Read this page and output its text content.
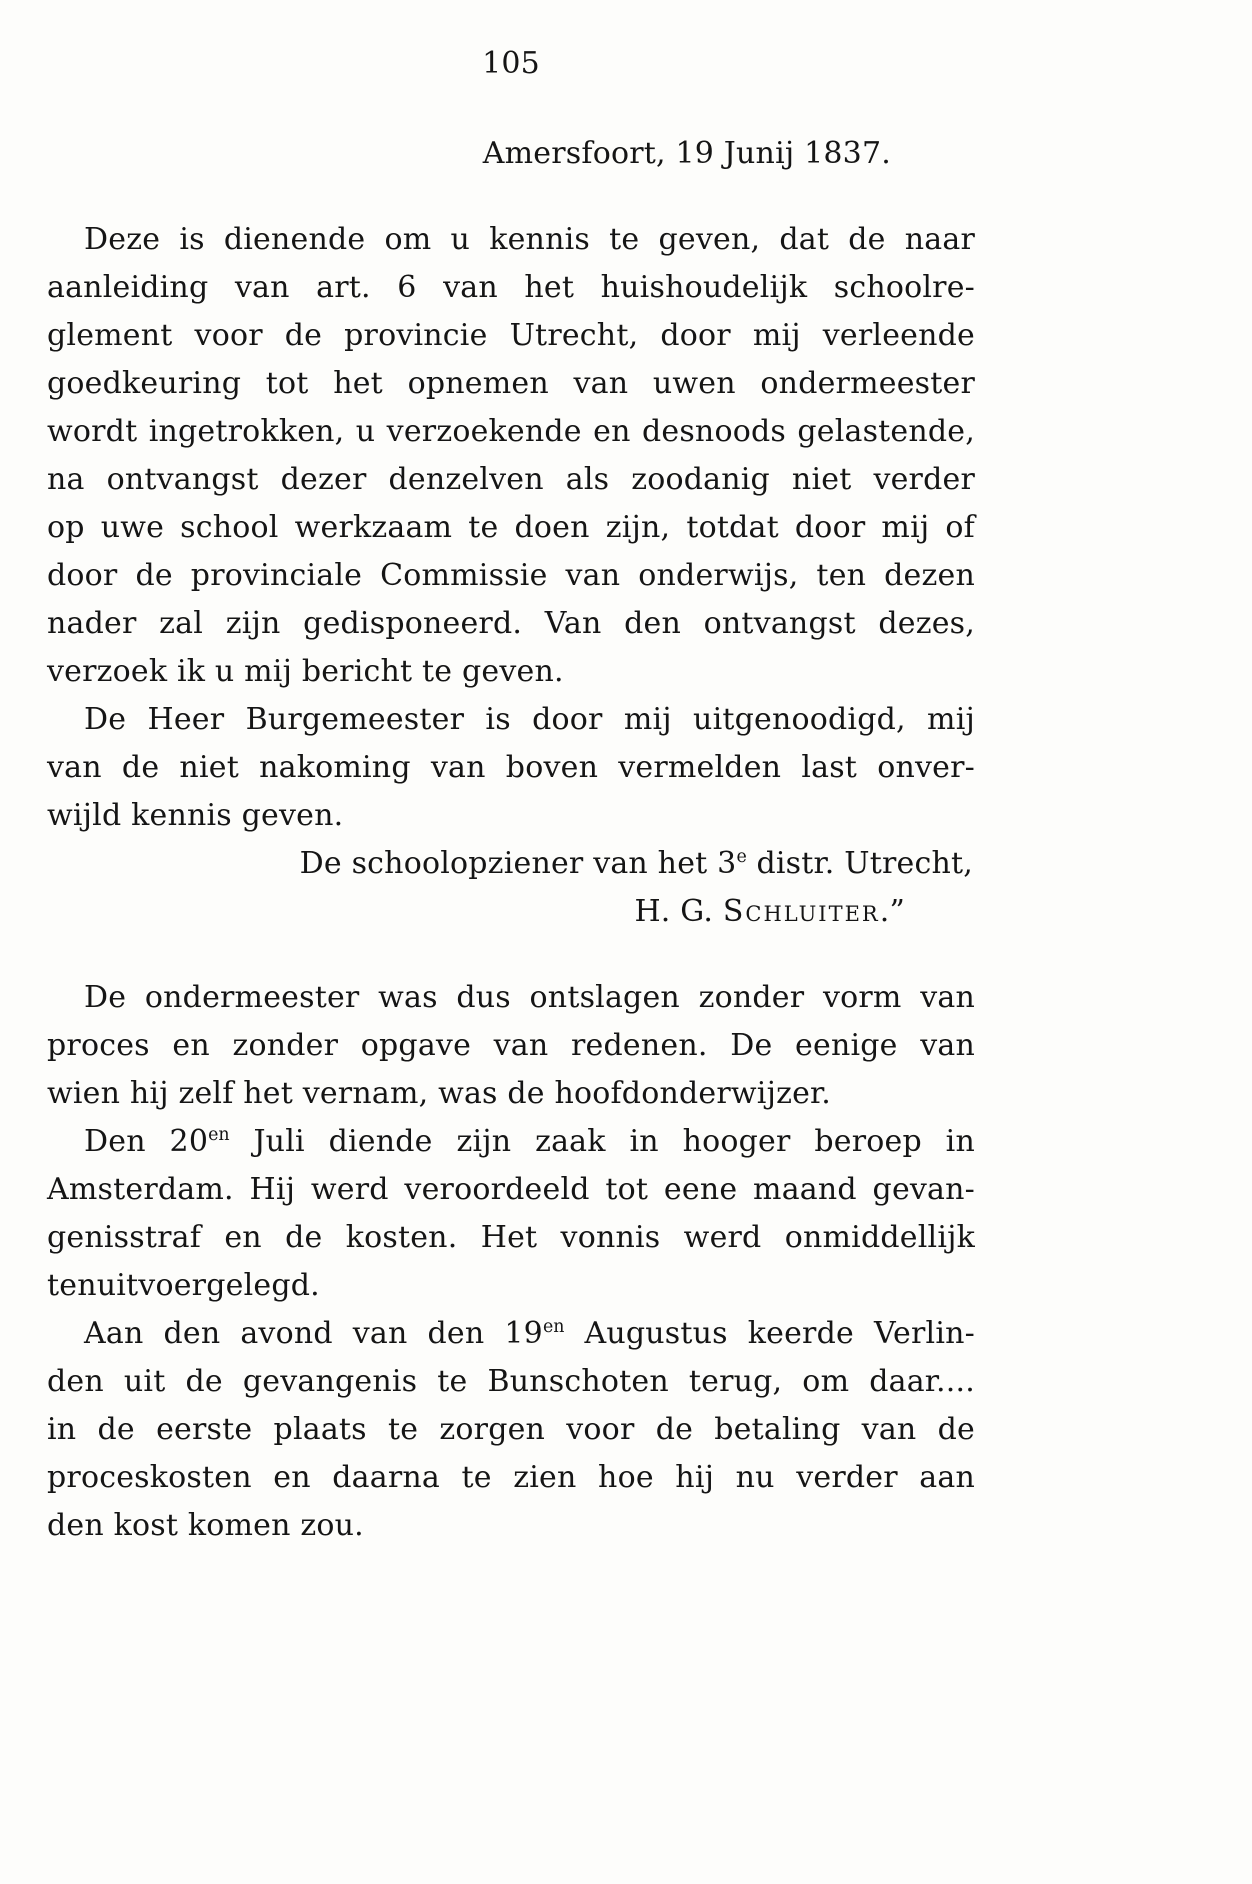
105
Amersfoort, 19 Junij 1837.
Deze is dienende om u kennis te geven, dat de naar
aanleiding van art. 6 van het huishoudelijk schoolre-
glement voor de provincie Utrecht, door mij verleende
goedkeuring tot het opnemen van uwen ondermeester
wordt ingetrokken, u verzoekende en desnoods gelastende,
na ontvangst dezer denzelven als zoodanig niet verder
op uwe school werkzaam te doen zijn, totdat door mij of
door de provinciale Commissie van onderwijs, ten dezen
nader zal zijn gedisponeerd. Van den ontvangst dezes,
verzoek ik u mij bericht te geven.
De Heer Burgemeester is door mij uitgenoodigd, mij
van de niet nakoming van boven vermelden last onver-
wijld kennis geven.
De schoolopziener van het 3e distr. Utrecht,
H. G. Schluiter.”
De ondermeester was dus ontslagen zonder vorm van
proces en zonder opgave van redenen. De eenige van
wien hij zelf het vernam, was de hoofdonderwijzer.
Den $20^{en}$ Juli diende zijn zaak in hooger beroep in
Amsterdam. Hij werd veroordeeld tot eene maand gevan-
genisstraf en de kosten. Het vonnis werd onmiddellijk
tenuitvoergelegd.
Aan den avond van den $19^{en}$ Augustus keerde Verlin-
den uit de gevangenis te Bunschoten terug, om daar....
in de eerste plaats te zorgen voor de betaling van de
proceskosten en daarna te zien hoe hij nu verder aan
den kost komen zou.
